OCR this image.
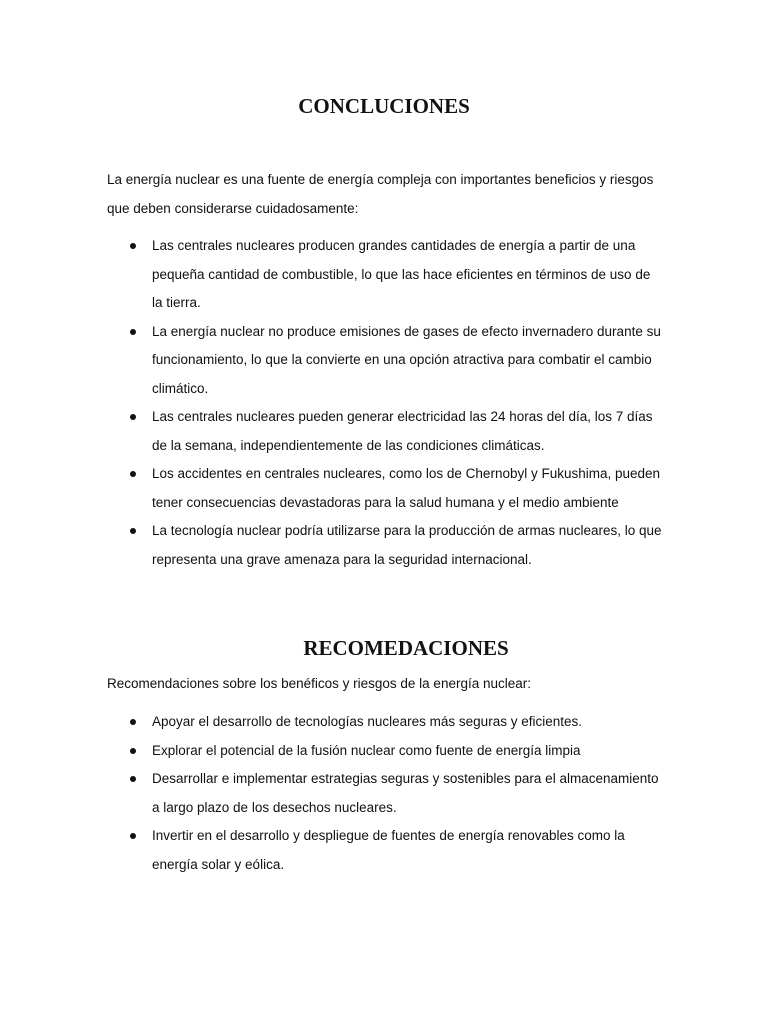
CONCLUCIONES

La energía nuclear es una fuente de energía compleja con importantes beneficios y riesgos que deben considerarse cuidadosamente:

Las centrales nucleares producen grandes cantidades de energía a partir de una pequeña cantidad de combustible, lo que las hace eficientes en términos de uso de la tierra.
La energía nuclear no produce emisiones de gases de efecto invernadero durante su funcionamiento, lo que la convierte en una opción atractiva para combatir el cambio climático.
Las centrales nucleares pueden generar electricidad las 24 horas del día, los 7 días de la semana, independientemente de las condiciones climáticas.
Los accidentes en centrales nucleares, como los de Chernobyl y Fukushima, pueden tener consecuencias devastadoras para la salud humana y el medio ambiente
La tecnología nuclear podría utilizarse para la producción de armas nucleares, lo que representa una grave amenaza para la seguridad internacional.
RECOMEDACIONES

Recomendaciones sobre los benéficos y riesgos de la energía nuclear:

Apoyar el desarrollo de tecnologías nucleares más seguras y eficientes.
Explorar el potencial de la fusión nuclear como fuente de energía limpia
Desarrollar e implementar estrategias seguras y sostenibles para el almacenamiento a largo plazo de los desechos nucleares.
Invertir en el desarrollo y despliegue de fuentes de energía renovables como la energía solar y eólica.
